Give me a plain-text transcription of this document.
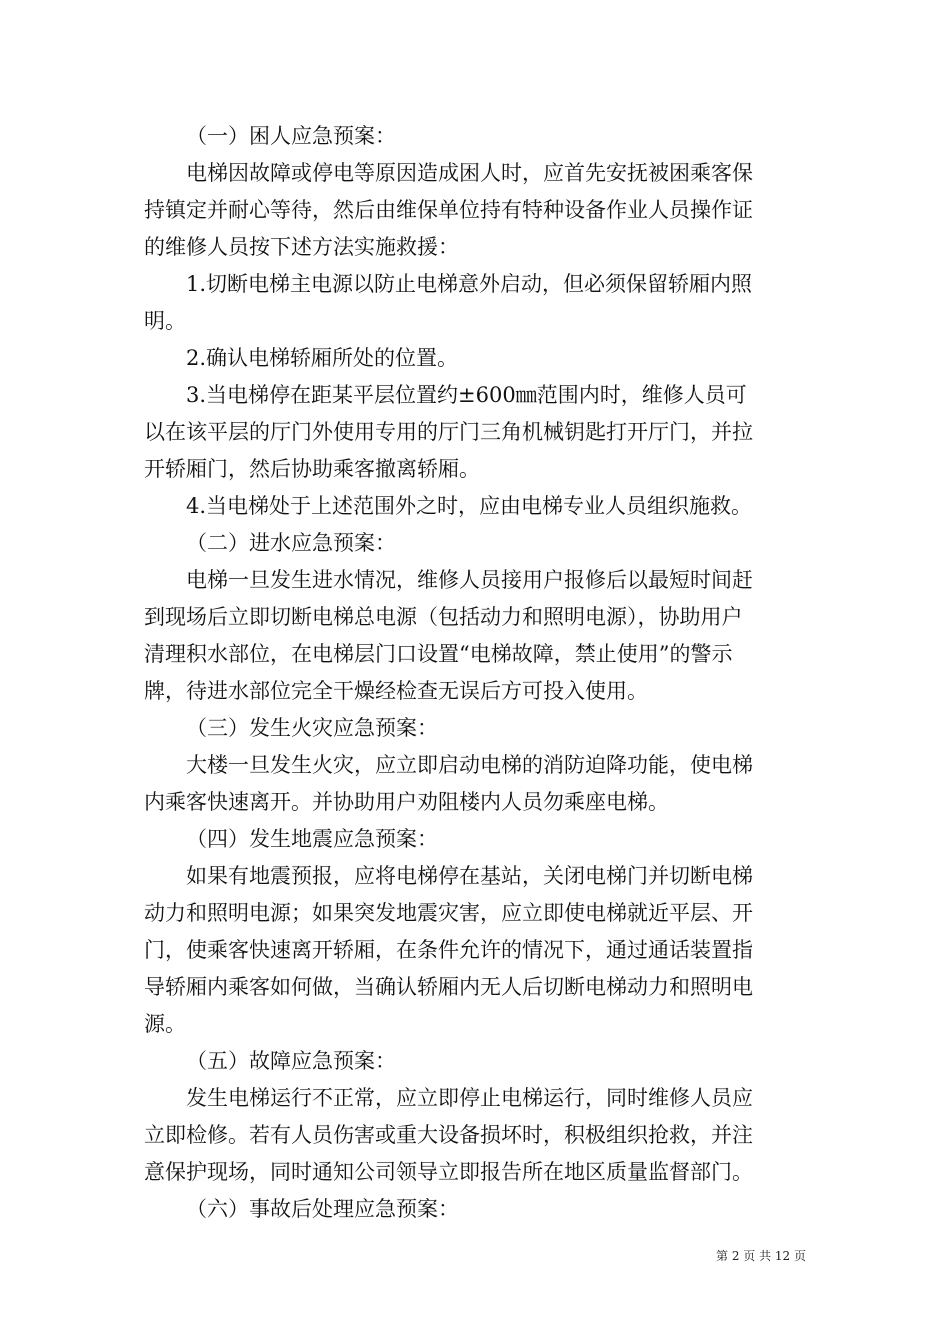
（一）困人应急预案：
电梯因故障或停电等原因造成困人时，应首先安抚被困乘客保
持镇定并耐心等待，然后由维保单位持有特种设备作业人员操作证
的维修人员按下述方法实施救援：
1.切断电梯主电源以防止电梯意外启动，但必须保留轿厢内照
明。
2.确认电梯轿厢所处的位置。
3.当电梯停在距某平层位置约±600㎜范围内时，维修人员可
以在该平层的厅门外使用专用的厅门三角机械钥匙打开厅门，并拉
开轿厢门，然后协助乘客撤离轿厢。
4.当电梯处于上述范围外之时，应由电梯专业人员组织施救。
（二）进水应急预案：
电梯一旦发生进水情况，维修人员接用户报修后以最短时间赶
到现场后立即切断电梯总电源（包括动力和照明电源），协助用户
清理积水部位，在电梯层门口设置“电梯故障，禁止使用”的警示
牌，待进水部位完全干燥经检查无误后方可投入使用。
（三）发生火灾应急预案：
大楼一旦发生火灾，应立即启动电梯的消防迫降功能，使电梯
内乘客快速离开。并协助用户劝阻楼内人员勿乘座电梯。
（四）发生地震应急预案：
如果有地震预报，应将电梯停在基站，关闭电梯门并切断电梯
动力和照明电源；如果突发地震灾害，应立即使电梯就近平层、开
门，使乘客快速离开轿厢，在条件允许的情况下，通过通话装置指
导轿厢内乘客如何做，当确认轿厢内无人后切断电梯动力和照明电
源。
（五）故障应急预案：
发生电梯运行不正常，应立即停止电梯运行，同时维修人员应
立即检修。若有人员伤害或重大设备损坏时，积极组织抢救，并注
意保护现场，同时通知公司领导立即报告所在地区质量监督部门。
（六）事故后处理应急预案：
第 2 页 共 12 页
